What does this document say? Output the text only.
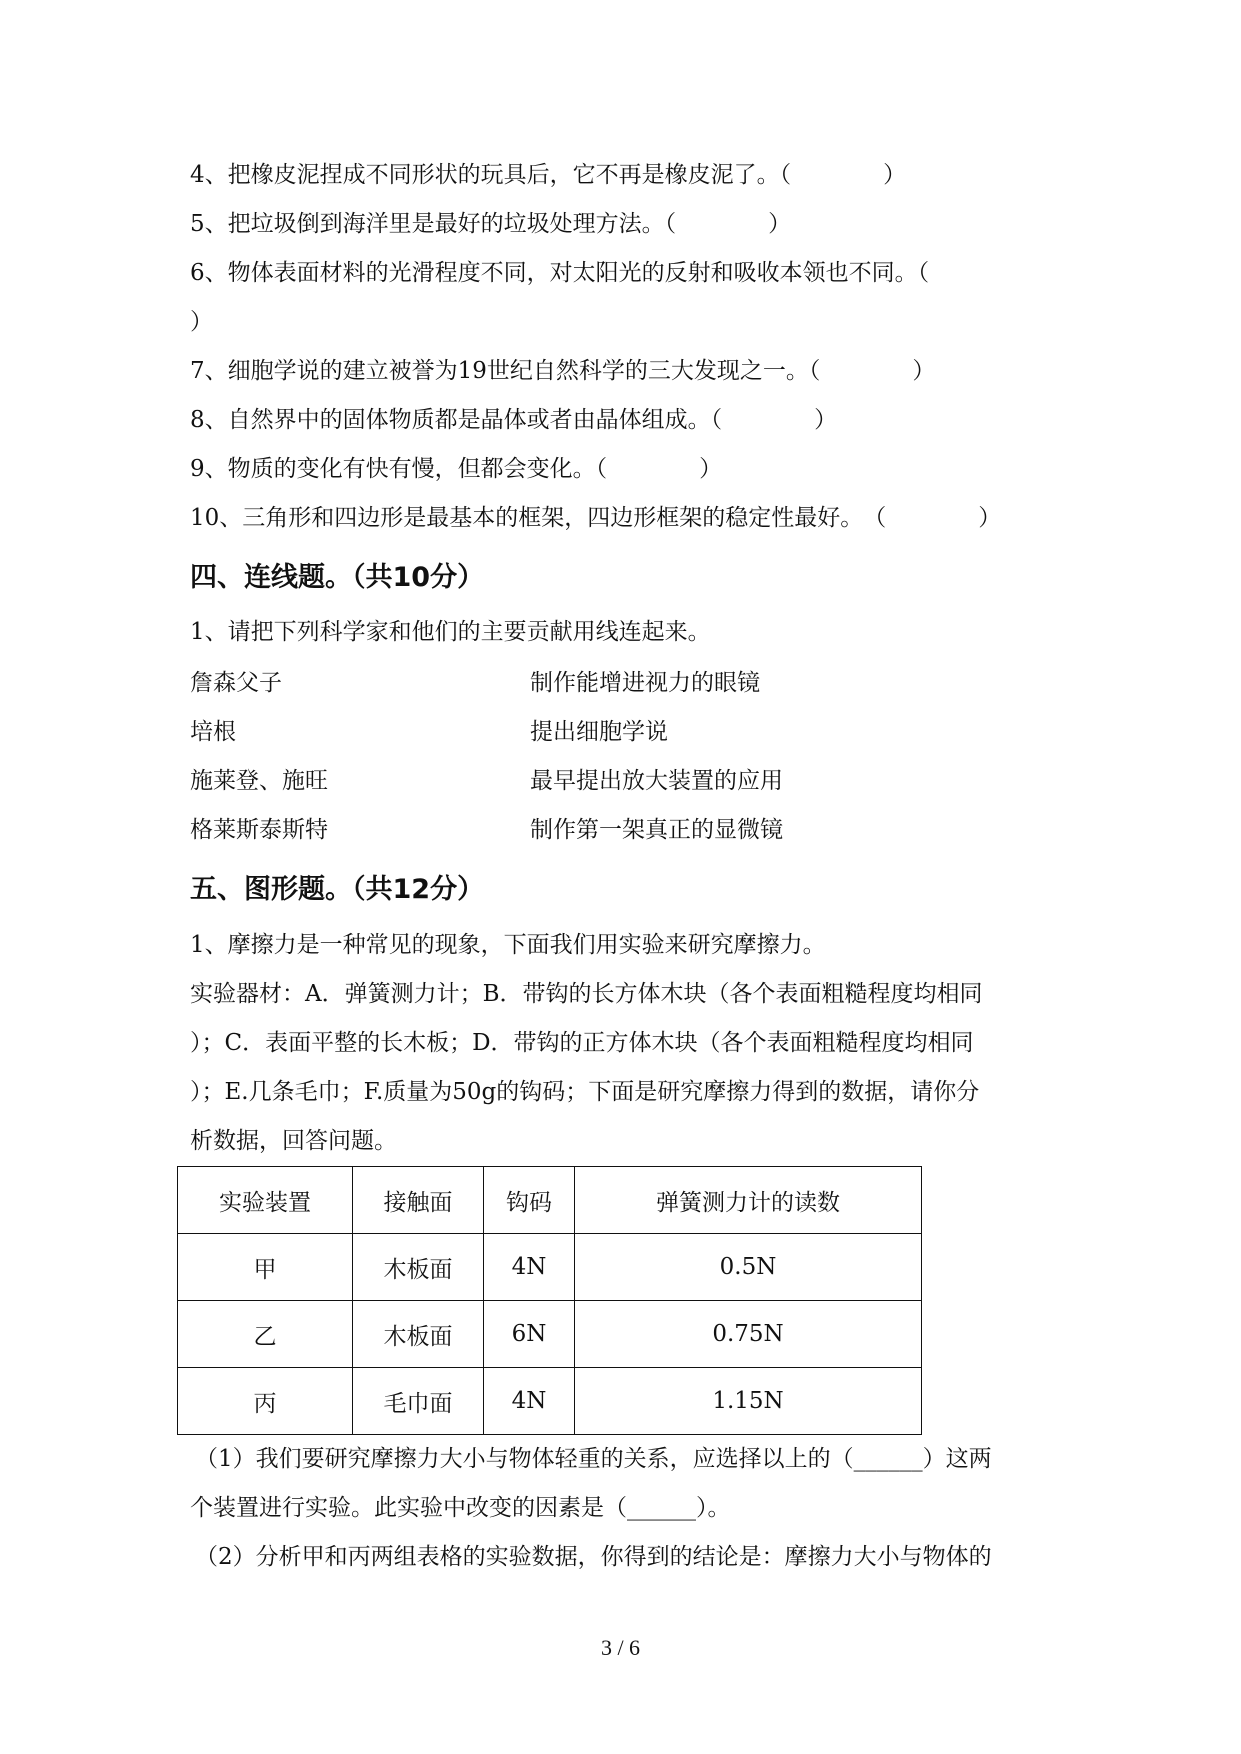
4、把橡皮泥捏成不同形状的玩具后，它不再是橡皮泥了。（　　　　）
5、把垃圾倒到海洋里是最好的垃圾处理方法。（　　　　）
6、物体表面材料的光滑程度不同，对太阳光的反射和吸收本领也不同。（
）
7、细胞学说的建立被誉为19世纪自然科学的三大发现之一。（　　　　）
8、自然界中的固体物质都是晶体或者由晶体组成。（　　　　）
9、物质的变化有快有慢，但都会变化。（　　　　）
10、三角形和四边形是最基本的框架，四边形框架的稳定性最好。　（　　　　）
四、连线题。（共10分）
1、请把下列科学家和他们的主要贡献用线连起来。
詹森父子	制作能增进视力的眼镜
培根	提出细胞学说
施莱登、施旺	最早提出放大装置的应用
格莱斯泰斯特	制作第一架真正的显微镜
五、图形题。（共12分）
1、摩擦力是一种常见的现象，下面我们用实验来研究摩擦力。
实验器材：A．弹簧测力计；B．带钩的长方体木块（各个表面粗糙程度均相同
）；C．表面平整的长木板；D．带钩的正方体木块（各个表面粗糙程度均相同
）；E.几条毛巾；F.质量为50g的钩码；下面是研究摩擦力得到的数据，请你分
析数据，回答问题。
实验装置	接触面	钩码	弹簧测力计的读数
甲	木板面	4N	0.5N
乙	木板面	6N	0.75N
丙	毛巾面	4N	1.15N
（1）我们要研究摩擦力大小与物体轻重的关系，应选择以上的（______）这两
个装置进行实验。此实验中改变的因素是（______）。
（2）分析甲和丙两组表格的实验数据，你得到的结论是：摩擦力大小与物体的
3 / 6
